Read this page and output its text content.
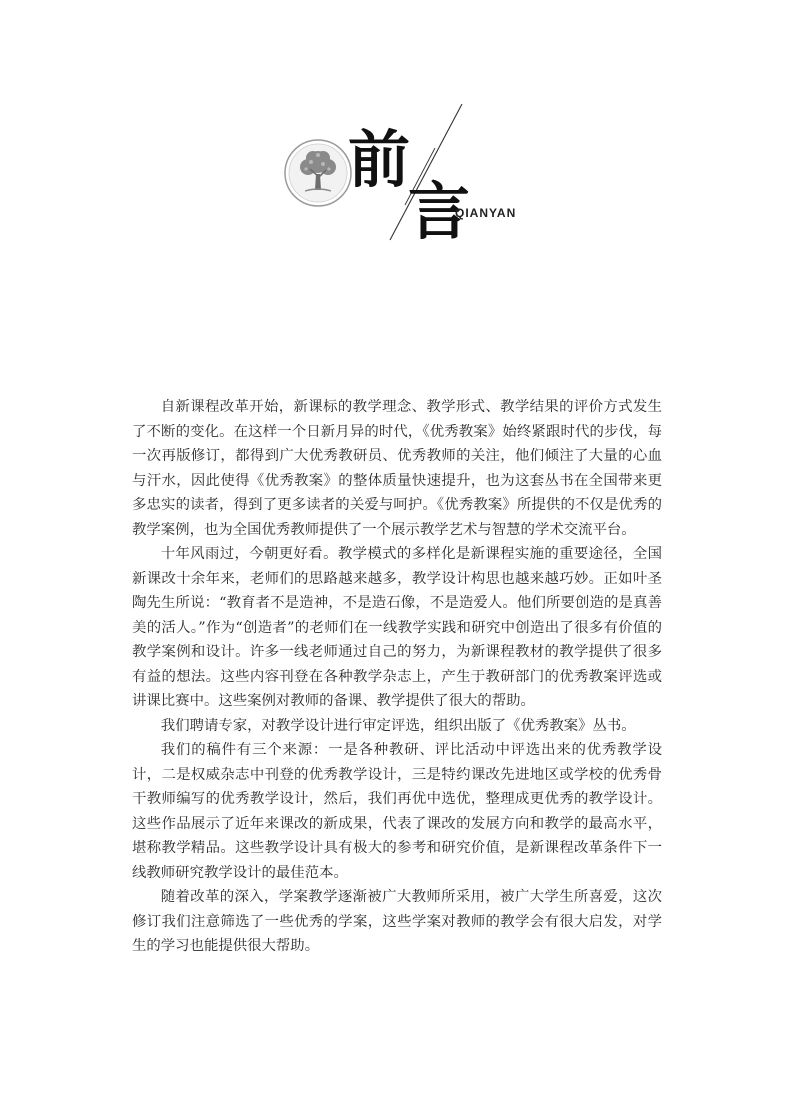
前
言
QIANYAN

自新课程改革开始，新课标的教学理念、教学形式、教学结果的评价方式发生了不断的变化。在这样一个日新月异的时代，《优秀教案》始终紧跟时代的步伐，每一次再版修订，都得到广大优秀教研员、优秀教师的关注，他们倾注了大量的心血与汗水，因此使得《优秀教案》的整体质量快速提升，也为这套丛书在全国带来更多忠实的读者，得到了更多读者的关爱与呵护。《优秀教案》所提供的不仅是优秀的教学案例，也为全国优秀教师提供了一个展示教学艺术与智慧的学术交流平台。

十年风雨过，今朝更好看。教学模式的多样化是新课程实施的重要途径，全国新课改十余年来，老师们的思路越来越多，教学设计构思也越来越巧妙。正如叶圣陶先生所说：“教育者不是造神，不是造石像，不是造爱人。他们所要创造的是真善美的活人。”作为“创造者”的老师们在一线教学实践和研究中创造出了很多有价值的教学案例和设计。许多一线老师通过自己的努力，为新课程教材的教学提供了很多有益的想法。这些内容刊登在各种教学杂志上，产生于教研部门的优秀教案评选或讲课比赛中。这些案例对教师的备课、教学提供了很大的帮助。

我们聘请专家，对教学设计进行审定评选，组织出版了《优秀教案》丛书。

我们的稿件有三个来源：一是各种教研、评比活动中评选出来的优秀教学设计，二是权威杂志中刊登的优秀教学设计，三是特约课改先进地区或学校的优秀骨干教师编写的优秀教学设计，然后，我们再优中选优，整理成更优秀的教学设计。这些作品展示了近年来课改的新成果，代表了课改的发展方向和教学的最高水平，堪称教学精品。这些教学设计具有极大的参考和研究价值，是新课程改革条件下一线教师研究教学设计的最佳范本。

随着改革的深入，学案教学逐渐被广大教师所采用，被广大学生所喜爱，这次修订我们注意筛选了一些优秀的学案，这些学案对教师的教学会有很大启发，对学生的学习也能提供很大帮助。
